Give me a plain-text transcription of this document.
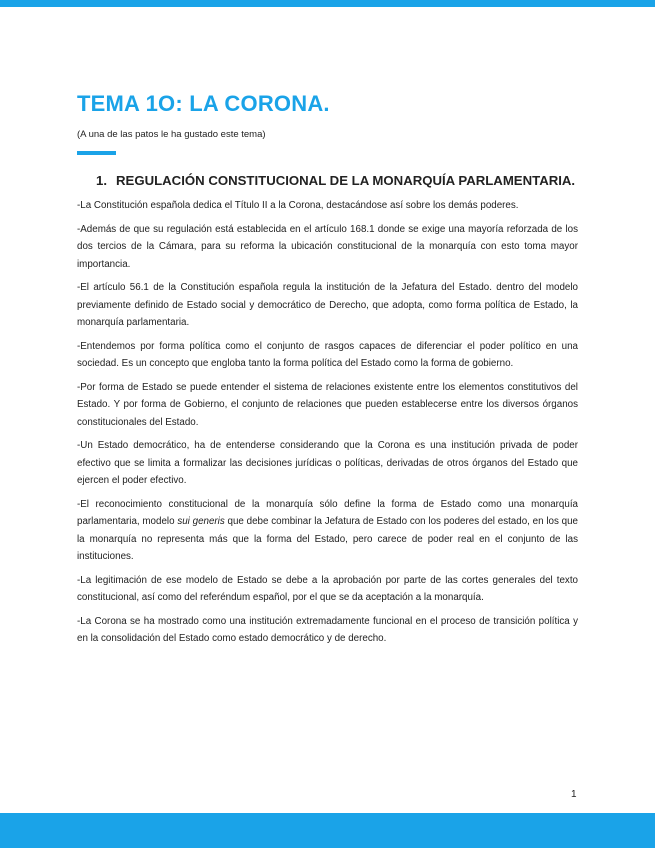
TEMA 1O: LA CORONA.

(A una de las patos le ha gustado este tema)

1. REGULACIÓN CONSTITUCIONAL DE LA MONARQUÍA PARLAMENTARIA.

-La Constitución española dedica el Título II a la Corona, destacándose así sobre los demás poderes.

-Además de que su regulación está establecida en el artículo 168.1 donde se exige una mayoría reforzada de los dos tercios de la Cámara, para su reforma la ubicación constitucional de la monarquía con esto toma mayor importancia.

-El artículo 56.1 de la Constitución española regula la institución de la Jefatura del Estado. dentro del modelo previamente definido de Estado social y democrático de Derecho, que adopta, como forma política de Estado, la monarquía parlamentaria.

-Entendemos por forma política como el conjunto de rasgos capaces de diferenciar el poder político en una sociedad. Es un concepto que engloba tanto la forma política del Estado como la forma de gobierno.

-Por forma de Estado se puede entender el sistema de relaciones existente entre los elementos constitutivos del Estado. Y por forma de Gobierno, el conjunto de relaciones que pueden establecerse entre los diversos órganos constitucionales del Estado.

-Un Estado democrático, ha de entenderse considerando que la Corona es una institución privada de poder efectivo que se limita a formalizar las decisiones jurídicas o políticas, derivadas de otros órganos del Estado que ejercen el poder efectivo.

-El reconocimiento constitucional de la monarquía sólo define la forma de Estado como una monarquía parlamentaria, modelo sui generis que debe combinar la Jefatura de Estado con los poderes del estado, en los que la monarquía no representa más que la forma del Estado, pero carece de poder real en el conjunto de las instituciones.

-La legitimación de ese modelo de Estado se debe a la aprobación por parte de las cortes generales del texto constitucional, así como del referéndum español, por el que se da aceptación a la monarquía.

-La Corona se ha mostrado como una institución extremadamente funcional en el proceso de transición política y en la consolidación del Estado como estado democrático y de derecho.

1
